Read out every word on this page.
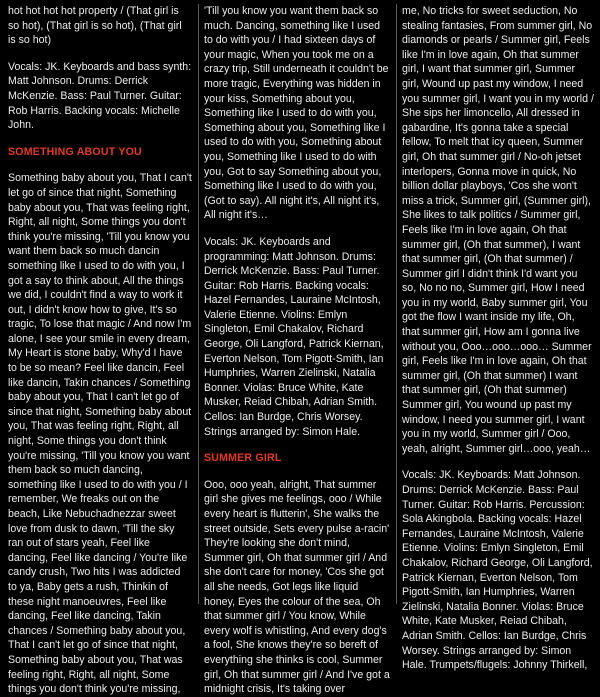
hot hot hot hot property / (That girl is so hot), (That girl is so hot), (That girl is so hot)

Vocals: JK. Keyboards and bass synth: Matt Johnson. Drums: Derrick McKenzie. Bass: Paul Turner. Guitar: Rob Harris. Backing vocals: Michelle John.

SOMETHING ABOUT YOU

Something baby about you, That I can't let go of since that night, Something baby about you, That was feeling right, Right, all night, Some things you don't think you're missing, 'Till you know you want them back so much dancin something like I used to do with you, I got a say to think about, All the things we did, I couldn't find a way to work it out, I didn't know how to give, It's so tragic, To lose that magic / And now I'm alone, I see your smile in every dream, My Heart is stone baby, Why'd I have to be so mean? Feel like dancin, Feel like dancin, Takin chances / Something baby about you, That I can't let go of since that night, Something baby about you, That was feeling right, Right, all night, Some things you don't think you're missing, 'Till you know you want them back so much dancing, something like I used to do with you / I remember, We freaks out on the beach, Like Nebuchadnezzar sweet love from dusk to dawn, 'Till the sky ran out of stars yeah, Feel like dancing, Feel like dancing / You're like candy crush, Two hits I was addicted to ya, Baby gets a rush, Thinkin of these night manoeuvres, Feel like dancing, Feel like dancing, Takin chances / Something baby about you, That I can't let go of since that night, Something baby about you, That was feeling right, Right, all night, Some things you don't think you're missing,

'Till you know you want them back so much. Dancing, something like I used to do with you / I had sixteen days of your magic, When you took me on a crazy trip, Still underneath it couldn't be more tragic, Everything was hidden in your kiss, Something about you, Something like I used to do with you, Something about you, Something like I used to do with you, Something about you, Something like I used to do with you, Got to say Something about you, Something like I used to do with you, (Got to say). All night it's, All night it's, All night it's…

Vocals: JK. Keyboards and programming: Matt Johnson. Drums: Derrick McKenzie. Bass: Paul Turner. Guitar: Rob Harris. Backing vocals: Hazel Fernandes, Lauraine McIntosh, Valerie Etienne. Violins: Emlyn Singleton, Emil Chakalov, Richard George, Oli Langford, Patrick Kiernan, Everton Nelson, Tom Pigott-Smith, Ian Humphries, Warren Zielinski, Natalia Bonner. Violas: Bruce White, Kate Musker, Reiad Chibah, Adrian Smith. Cellos: Ian Burdge, Chris Worsey. Strings arranged by: Simon Hale.

SUMMER GIRL

Ooo, ooo yeah, alright, That summer girl she gives me feelings, ooo / While every heart is flutterin', She walks the street outside, Sets every pulse a-racin' They're looking she don't mind, Summer girl, Oh that summer girl / And she don't care for money, 'Cos she got all she needs, Got legs like liquid honey, Eyes the colour of the sea, Oh that summer girl / You know, While every wolf is whistling, And every dog's a fool, She knows they're so bereft of everything she thinks is cool, Summer girl, Oh that summer girl / And I've got a midnight crisis, It's taking over

me, No tricks for sweet seduction, No stealing fantasies, From summer girl, No diamonds or pearls / Summer girl, Feels like I'm in love again, Oh that summer girl, I want that summer girl, Summer girl, Wound up past my window, I need you summer girl, I want you in my world / She sips her limoncello, All dressed in gabardine, It's gonna take a special fellow, To melt that icy queen, Summer girl, Oh that summer girl / No-oh jetset interlopers, Gonna move in quick, No billion dollar playboys, 'Cos she won't miss a trick, Summer girl, (Summer girl), She likes to talk politics / Summer girl, Feels like I'm in love again, Oh that summer girl, (Oh that summer), I want that summer girl, (Oh that summer) / Summer girl I didn't think I'd want you so, No no no, Summer girl, How I need you in my world, Baby summer girl, You got the flow I want inside my life, Oh, that summer girl, How am I gonna live without you, Ooo…ooo…ooo… Summer girl, Feels like I'm in love again, Oh that summer girl, (Oh that summer) I want that summer girl, (Oh that summer) Summer girl, You wound up past my window, I need you summer girl, I want you in my world, Summer girl / Ooo, yeah, alright, Summer girl…ooo, yeah…

Vocals: JK. Keyboards: Matt Johnson. Drums: Derrick McKenzie. Bass: Paul Turner. Guitar: Rob Harris. Percussion: Sola Akingbola. Backing vocals: Hazel Fernandes, Lauraine McIntosh, Valerie Etienne. Violins: Emlyn Singleton, Emil Chakalov, Richard George, Oli Langford, Patrick Kiernan, Everton Nelson, Tom Pigott-Smith, Ian Humphries, Warren Zielinski, Natalia Bonner. Violas: Bruce White, Kate Musker, Reiad Chibah, Adrian Smith. Cellos: Ian Burdge, Chris Worsey. Strings arranged by: Simon Hale. Trumpets/flugels: Johnny Thirkell,
